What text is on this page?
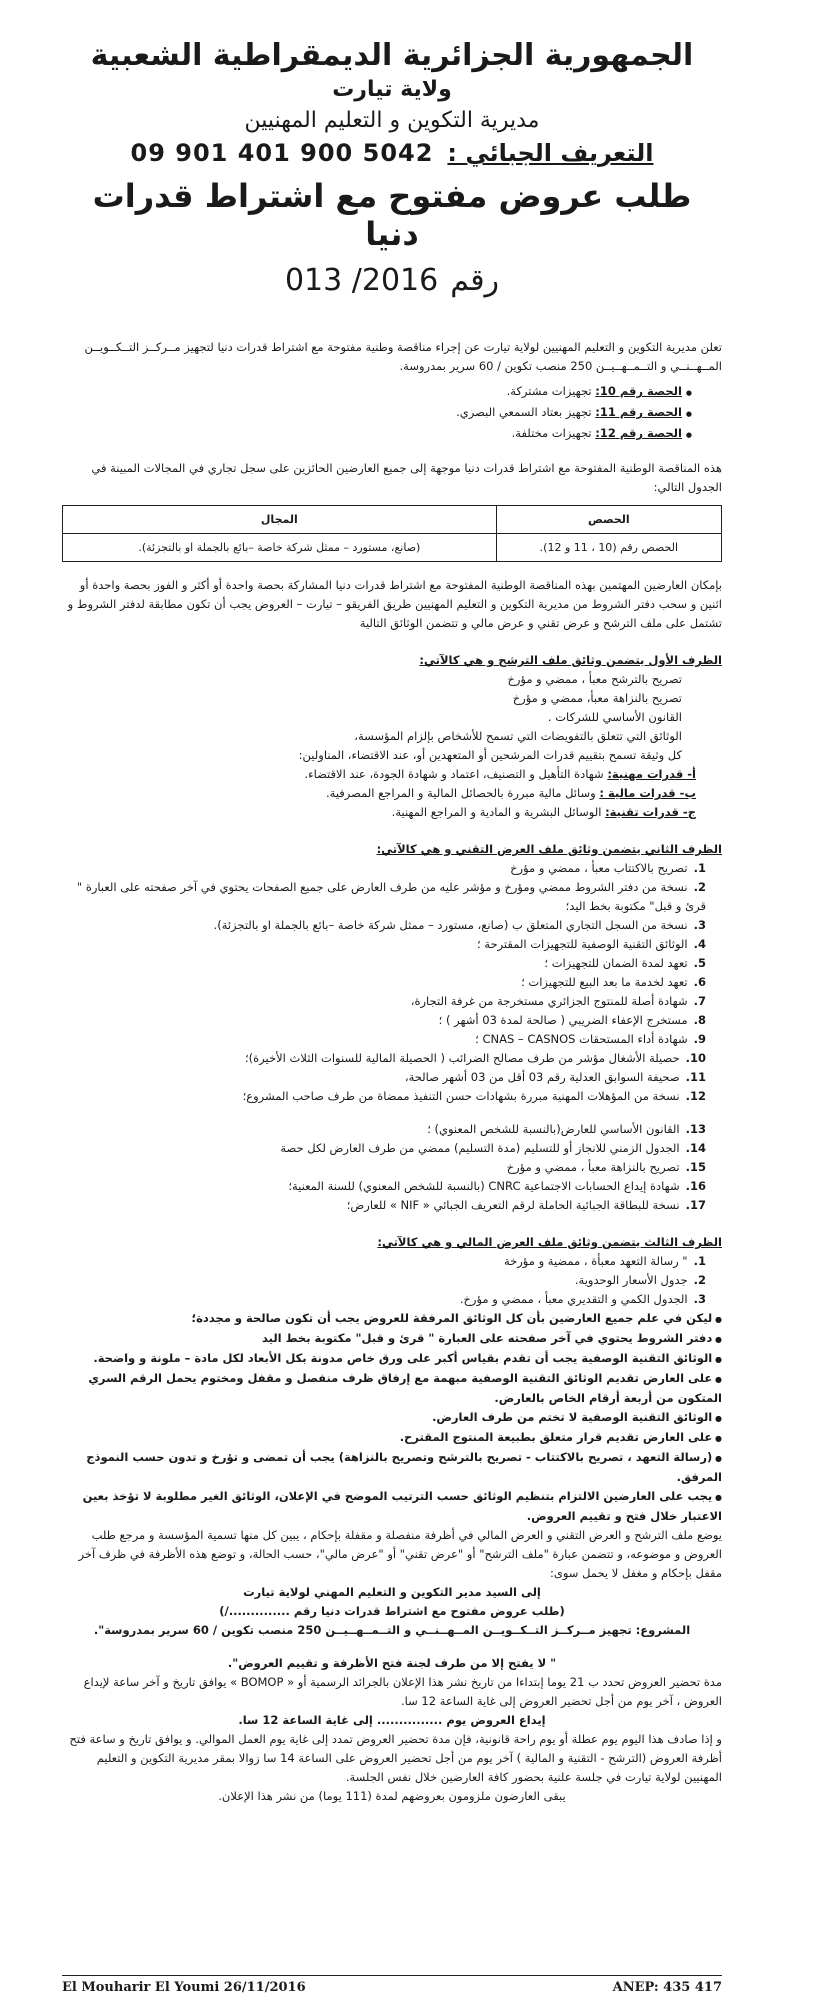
الجمهورية الجزائرية الديمقراطية الشعبية
ولاية تيارت
مديرية التكوين و التعليم المهنيين
09 901 401 900 5042 التعريف الجبائي :
طلب عروض مفتوح مع اشتراط قدرات دنيا
رقم
013 /2016

تعلن مديرية التكوين و التعليم المهنيين لولاية تيارت عن إجراء مناقصة وطنية مفتوحة مع اشتراط قدرات دنيا لتجهيز مــركــز التــكــويــن المــهــنــي و التــمــهــيــن 250 منصب تكوين / 60 سرير بمدروسة.

● الحصة رقم 10: تجهيزات مشتركة.
● الحصة رقم 11: تجهيز بعتاد السمعي البصري.
● الحصة رقم 12: تجهيزات مختلفة.

هذه المناقصة الوطنية المفتوحة مع اشتراط قدرات دنيا موجهة إلى جميع العارضين الحائزين على سجل تجاري في المجالات المبينة في الجدول التالي:

الحصص	المجال
الحصص رقم (10 ، 11 و 12).	(صانع، مستورد – ممثل شركة خاصة –بائع بالجملة او بالتجزئة).

بإمكان العارضين المهتمين بهذه المناقصة الوطنية المفتوحة مع اشتراط قدرات دنيا المشاركة بحصة واحدة أو أكثر و الفوز بحصة واحدة أو اثنين و سحب دفتر الشروط من مديرية التكوين و التعليم المهنيين طريق الفريقو – تيارت – العروض يجب أن تكون مطابقة لدفتر الشروط و تشتمل على ملف الترشح و عرض تقني و عرض مالي و تتضمن الوثائق التالية

الظرف الأول يتضمن وثائق ملف الترشح و هي كالآتي:

تصريح بالترشح معبأ ، ممضي و مؤرخ

تصريح بالنزاهة معبأ، ممضي و مؤرخ

القانون الأساسي للشركات .

الوثائق التي تتعلق بالتفويضات التي تسمح للأشخاص بإلزام المؤسسة،

كل وثيقة تسمح بتقييم قدرات المرشحين أو المتعهدين أو، عند الاقتضاء، المناولين:

أ- قدرات مهنية: شهادة التأهيل و التصنيف، اعتماد و شهادة الجودة، عند الاقتضاء.

ب- قدرات مالية : وسائل مالية مبررة بالحصائل المالية و المراجع المصرفية.

ج- قدرات تقنية: الوسائل البشرية و المادية و المراجع المهنية.

الظرف الثاني يتضمن وثائق ملف العرض التقني و هي كالآتي:

1.تصريح بالاكتتاب معبأ ، ممضي و مؤرخ

2.نسخة من دفتر الشروط ممضي ومؤرخ و مؤشر عليه من طرف العارض على جميع الصفحات يحتوي في آخر صفحته على العبارة " قرئ و قبل" مكتوبة بخط اليد؛

3.نسخة من السجل التجاري المتعلق ب (صانع، مستورد – ممثل شركة خاصة –بائع بالجملة او بالتجزئة).

4.الوثائق التقنية الوصفية للتجهيزات المقترحة ؛

5.تعهد لمدة الضمان للتجهيزات ؛

6.تعهد لخدمة ما بعد البيع للتجهيزات ؛

7.شهادة أصلة للمنتوج الجزائري مستخرجة من غرفة التجارة،

8.مستخرج الإعفاء الضريبي ( صالحة لمدة 03 أشهر ) ؛

9.شهادة أداء المستحقات CNAS – CASNOS ؛

10.حصيلة الأشغال مؤشر من طرف مصالح الضرائب ( الحصيلة المالية للسنوات الثلاث الأخيرة)؛

11.صحيفة السوابق العدلية رقم 03 أقل من 03 أشهر صالحة،

12.نسخة من المؤهلات المهنية مبررة بشهادات حسن التنفيذ ممضاة من طرف صاحب المشروع؛

13.القانون الأساسي للعارض(بالنسبة للشخص المعنوي) ؛

14.الجدول الزمني للانجاز أو للتسليم (مدة التسليم) ممضي من طرف العارض لكل حصة

15.تصريح بالنزاهة معبأ ، ممضي و مؤرخ

16.شهادة إيداع الحسابات الاجتماعية CNRC (بالنسبة للشخص المعنوي) للسنة المعنية؛

17.نسخة للبطاقة الجبائية الحاملة لرقم التعريف الجبائي « NIF » للعارض؛

الظرف الثالث يتضمن وثائق ملف العرض المالي و هي كالآتي:

1." رسالة التعهد معبأة ، ممضية و مؤرخة

2.جدول الأسعار الوحدوية.

3.الجدول الكمي و التقديري معبأ ، ممضي و مؤرخ.

● ليكن في علم جميع العارضين بأن كل الوثائق المرفقة للعروض يجب أن تكون صالحة و مجددة؛

● دفتر الشروط يحتوي في آخر صفحته على العبارة " قرئ و قبل" مكتوبة بخط اليد

● الوثائق التقنية الوصفية يجب أن تقدم بقياس أكبر على ورق خاص مدونة بكل الأبعاد لكل مادة – ملونة و واضحة.

● على العارض تقديم الوثائق التقنية الوصفية مبهمة مع إرفاق ظرف منفصل و مقفل ومختوم يحمل الرقم السري المتكون من أربعة أرقام الخاص بالعارض.

● الوثائق التقنية الوصفية لا تختم من طرف العارض.

● على العارض تقديم قرار متعلق بطبيعة المنتوج المقترح.

● (رسالة التعهد ، تصريح بالاكتتاب - تصريح بالترشح وتصريح بالنزاهة) يجب أن تمضى و تؤرخ و تدون حسب النموذج المرفق.

● يجب على العارضين الالتزام بتنظيم الوثائق حسب الترتيب الموضح في الإعلان، الوثائق الغير مطلوبة لا تؤخذ بعين الاعتبار خلال فتح و تقييم العروض.

يوضع ملف الترشح و العرض التقني و العرض المالي في أظرفة منفصلة و مقفلة بإحكام ، يبين كل منها تسمية المؤسسة و مرجع طلب العروض و موضوعه، و تتضمن عبارة "ملف الترشح" أو "عرض تقني" أو "عرض مالي"، حسب الحالة، و توضع هذه الأظرفة في ظرف آخر مقفل بإحكام و مغفل لا يحمل سوى:

إلى السيد مدير التكوين و التعليم المهني لولاية تيارت

(طلب عروض مفتوح مع اشتراط قدرات دنيا رقم ............../)

المشروع: تجهيز مــركــز التــكــويــن المــهــنــي و التــمــهــيــن 250 منصب تكوين / 60 سرير بمدروسة".

" لا يفتح إلا من طرف لجنة فتح الأظرفة و تقييم العروض".

مدة تحضير العروض تحدد ب 21 يوما إبتداءا من تاريخ نشر هذا الإعلان بالجرائد الرسمية أو « BOMOP » يوافق تاريخ و آخر ساعة لإيداع العروض ، آخر يوم من أجل تحضير العروض إلى غاية الساعة 12 سا.

إيداع العروض يوم ............... إلى غاية الساعة 12 سا.

و إذا صادف هذا اليوم يوم عطلة أو يوم راحة قانونية، فإن مدة تحضير العروض تمدد إلى غاية يوم العمل الموالي. و يوافق تاريخ و ساعة فتح أظرفة العروض (الترشح - التقنية و المالية ) آخر يوم من أجل تحضير العروض على الساعة 14 سا زوالا بمقر مديرية التكوين و التعليم المهنيين لولاية تيارت في جلسة علنية بحضور كافة العارضين خلال نفس الجلسة.

يبقى العارضون ملزومون بعروضهم لمدة (111 يوما) من نشر هذا الإعلان.

El Mouharir El Youmi 26/11/2016	ANEP: 435 417
